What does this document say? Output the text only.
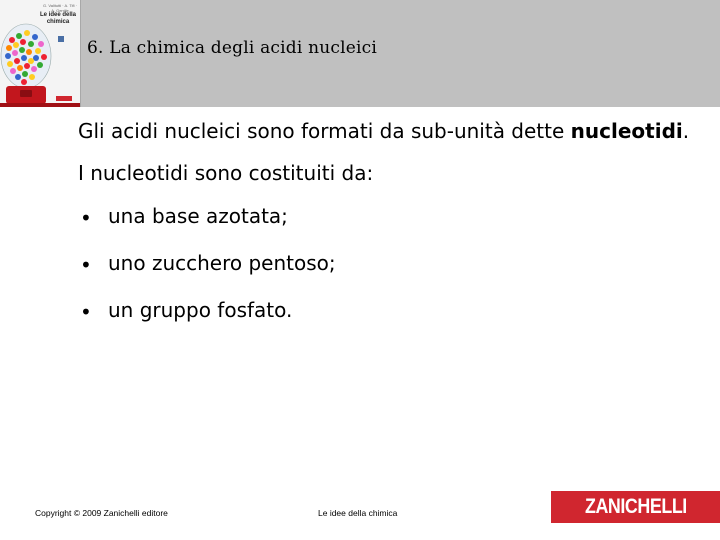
G. Valitutti · A. Tifi · A. Gentile
Le idee della chimica
6. La chimica degli acidi nucleici

Gli acidi nucleici sono formati da sub-unità dette nucleotidi.

I nucleotidi sono costituiti da:

• una base azotata;
• uno zucchero pentoso;
• un gruppo fosfato.
Copyright © 2009 Zanichelli editore	Le idee della chimica	ZANICHELLI
